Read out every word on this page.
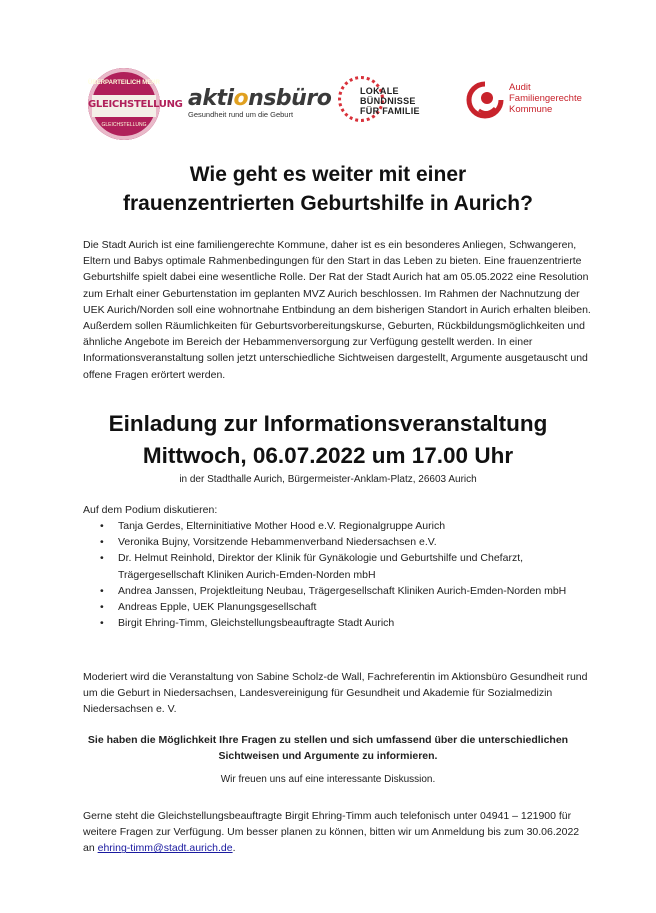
ÜBERPARTEILICH MEHR
GLEICHSTELLUNG
GLEICHSTELLUNG
aktionsbüro
Gesundheit rund um die Geburt
LOKALE
BÜNDNISSE
FÜR FAMILIE
Audit
Familiengerechte
Kommune
Wie geht es weiter mit einer
frauenzentrierten Geburtshilfe in Aurich?
Die Stadt Aurich ist eine familiengerechte Kommune, daher ist es ein besonderes Anliegen, Schwangeren, Eltern und Babys optimale Rahmenbedingungen für den Start in das Leben zu bieten. Eine frauenzentrierte Geburtshilfe spielt dabei eine wesentliche Rolle. Der Rat der Stadt Aurich hat am 05.05.2022 eine Resolution zum Erhalt einer Geburtenstation im geplanten MVZ Aurich beschlossen. Im Rahmen der Nachnutzung der UEK Aurich/Norden soll eine wohnortnahe Entbindung an dem bisherigen Standort in Aurich erhalten bleiben. Außerdem sollen Räumlichkeiten für Geburtsvorbereitungskurse, Geburten, Rückbildungsmöglichkeiten und ähnliche Angebote im Bereich der Hebammenversorgung zur Verfügung gestellt werden. In einer Informationsveranstaltung sollen jetzt unterschiedliche Sichtweisen dargestellt, Argumente ausgetauscht und offene Fragen erörtert werden.
Einladung zur Informationsveranstaltung
Mittwoch, 06.07.2022 um 17.00 Uhr
in der Stadthalle Aurich, Bürgermeister-Anklam-Platz, 26603 Aurich
Auf dem Podium diskutieren:
• Tanja Gerdes, Elterninitiative Mother Hood e.V. Regionalgruppe Aurich
• Veronika Bujny, Vorsitzende Hebammenverband Niedersachsen e.V.
• Dr. Helmut Reinhold, Direktor der Klinik für Gynäkologie und Geburtshilfe und Chefarzt, Trägergesellschaft Kliniken Aurich-Emden-Norden mbH
• Andrea Janssen, Projektleitung Neubau, Trägergesellschaft Kliniken Aurich-Emden-Norden mbH
• Andreas Epple, UEK Planungsgesellschaft
• Birgit Ehring-Timm, Gleichstellungsbeauftragte Stadt Aurich
Moderiert wird die Veranstaltung von Sabine Scholz-de Wall, Fachreferentin im Aktionsbüro Gesundheit rund um die Geburt in Niedersachsen, Landesvereinigung für Gesundheit und Akademie für Sozialmedizin Niedersachsen e. V.
Sie haben die Möglichkeit Ihre Fragen zu stellen und sich umfassend über die unterschiedlichen Sichtweisen und Argumente zu informieren.
Wir freuen uns auf eine interessante Diskussion.
Gerne steht die Gleichstellungsbeauftragte Birgit Ehring-Timm auch telefonisch unter 04941 – 121900 für weitere Fragen zur Verfügung. Um besser planen zu können, bitten wir um Anmeldung bis zum 30.06.2022 an ehring-timm@stadt.aurich.de.
